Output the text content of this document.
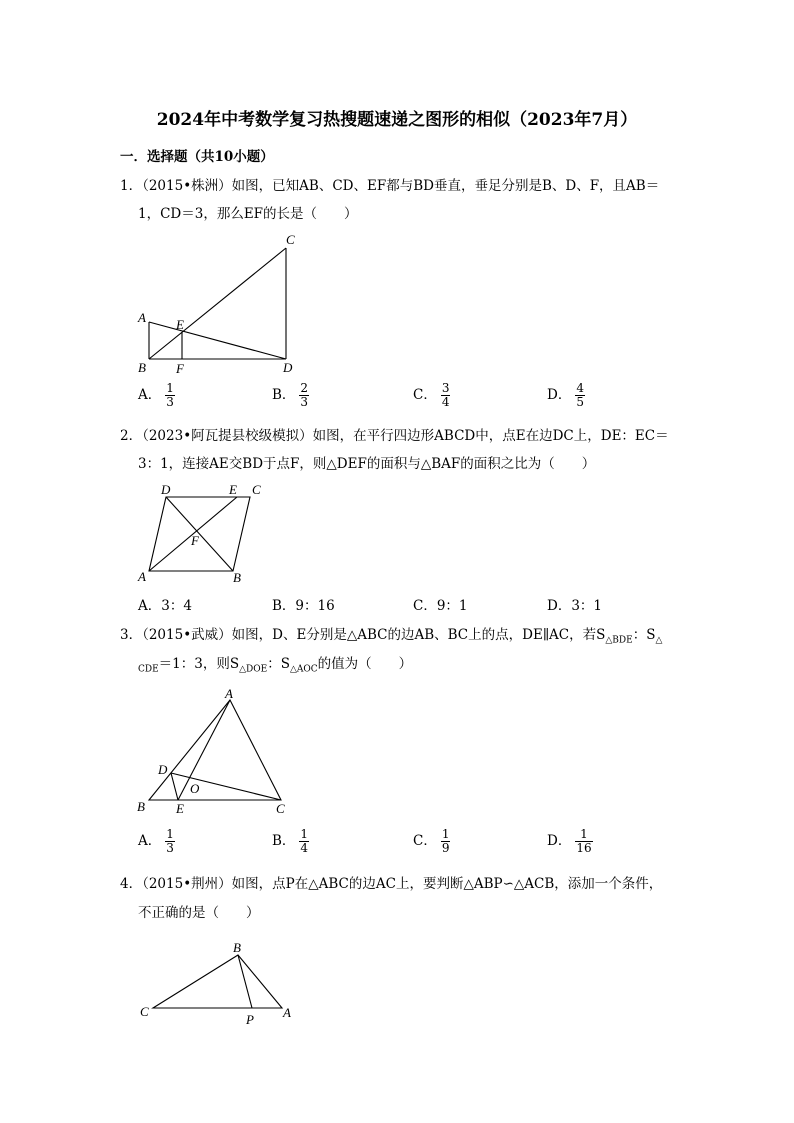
2024年中考数学复习热搜题速递之图形的相似（2023年7月）
一．选择题（共10小题）
1．（2015•株洲）如图，已知AB、CD、EF都与BD垂直，垂足分别是B、D、F，且AB＝
1，CD＝3，那么EF的长是（　　）
A
B
C
D
E
F
A． $\frac{1}{3}$	B． $\frac{2}{3}$	C． $\frac{3}{4}$	D． $\frac{4}{5}$
2．（2023•阿瓦提县校级模拟）如图，在平行四边形ABCD中，点E在边DC上，DE：EC＝
3：1，连接AE交BD于点F，则△DEF的面积与△BAF的面积之比为（　　）
D	E C
A	B
F
A．3：4	B．9：16	C．9：1	D．3：1
3．（2015•武威）如图，D、E分别是△ABC的边AB、BC上的点，DE∥AC，若$S_{\triangle BDE}$：$S_\triangle$
$_{CDE}$＝1：3，则$S_{\triangle DOE}$：$S_{\triangle AOC}$的值为（　　）
A
D
O
B E	C
A． $\frac{1}{3}$	B． $\frac{1}{4}$	C． $\frac{1}{9}$	D． $\frac{1}{16}$
4．（2015•荆州）如图，点P在△ABC的边AC上，要判断△ABP∽△ACB，添加一个条件，
不正确的是（　　）
B
C
P A
